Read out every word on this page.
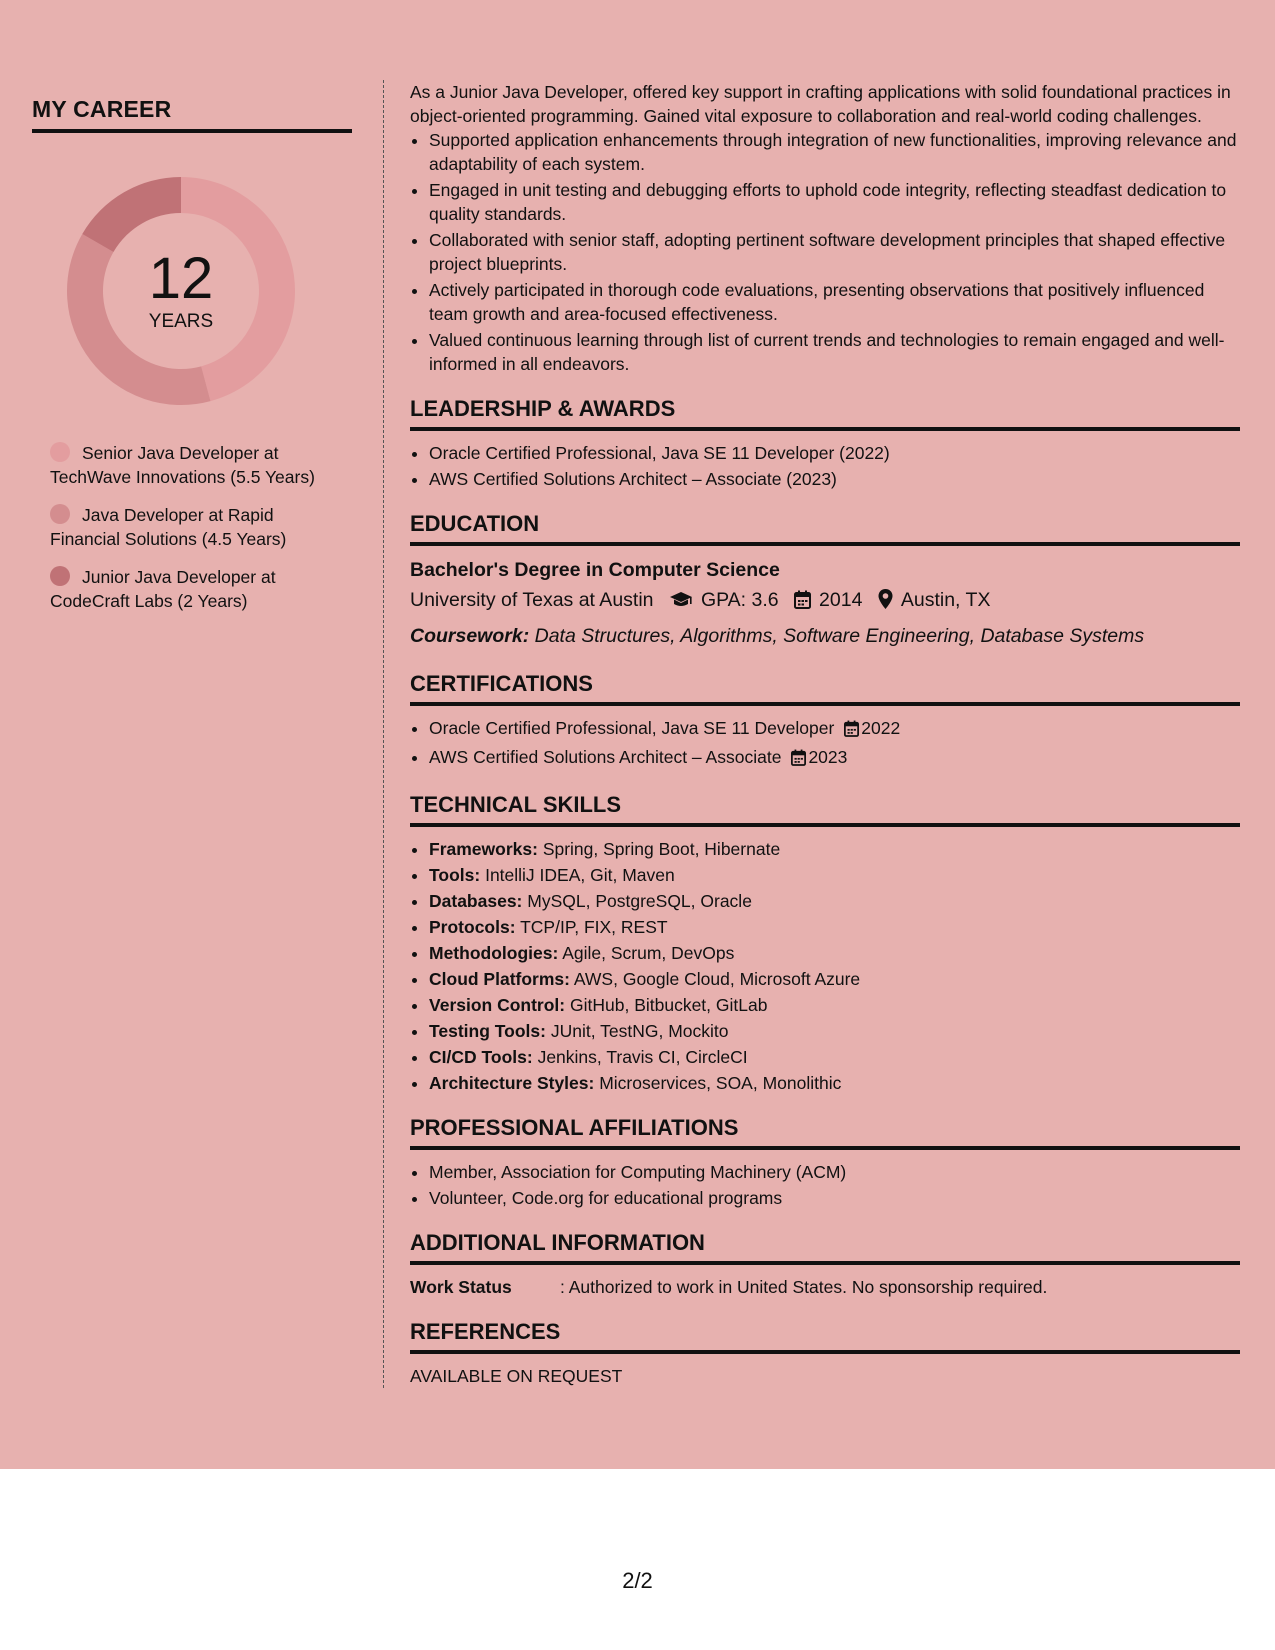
MY CAREER
12
YEARS
Senior Java Developer at TechWave Innovations (5.5 Years)
Java Developer at Rapid Financial Solutions (4.5 Years)
Junior Java Developer at CodeCraft Labs (2 Years)

As a Junior Java Developer, offered key support in crafting applications with solid foundational practices in object-oriented programming. Gained vital exposure to collaboration and real-world coding challenges.

• Supported application enhancements through integration of new functionalities, improving relevance and adaptability of each system.
• Engaged in unit testing and debugging efforts to uphold code integrity, reflecting steadfast dedication to quality standards.
• Collaborated with senior staff, adopting pertinent software development principles that shaped effective project blueprints.
• Actively participated in thorough code evaluations, presenting observations that positively influenced team growth and area-focused effectiveness.
• Valued continuous learning through list of current trends and technologies to remain engaged and well-informed in all endeavors.
LEADERSHIP & AWARDS
• Oracle Certified Professional, Java SE 11 Developer (2022)
• AWS Certified Solutions Architect – Associate (2023)
EDUCATION
Bachelor's Degree in Computer Science
University of Texas at Austin GPA: 3.6 2014 Austin, TX
Coursework: Data Structures, Algorithms, Software Engineering, Database Systems
CERTIFICATIONS
• Oracle Certified Professional, Java SE 11 Developer 2022
• AWS Certified Solutions Architect – Associate 2023
TECHNICAL SKILLS
• Frameworks: Spring, Spring Boot, Hibernate
• Tools: IntelliJ IDEA, Git, Maven
• Databases: MySQL, PostgreSQL, Oracle
• Protocols: TCP/IP, FIX, REST
• Methodologies: Agile, Scrum, DevOps
• Cloud Platforms: AWS, Google Cloud, Microsoft Azure
• Version Control: GitHub, Bitbucket, GitLab
• Testing Tools: JUnit, TestNG, Mockito
• CI/CD Tools: Jenkins, Travis CI, CircleCI
• Architecture Styles: Microservices, SOA, Monolithic
PROFESSIONAL AFFILIATIONS
• Member, Association for Computing Machinery (ACM)
• Volunteer, Code.org for educational programs
ADDITIONAL INFORMATION
Work Status	: Authorized to work in United States. No sponsorship required.
REFERENCES
AVAILABLE ON REQUEST
2/2
